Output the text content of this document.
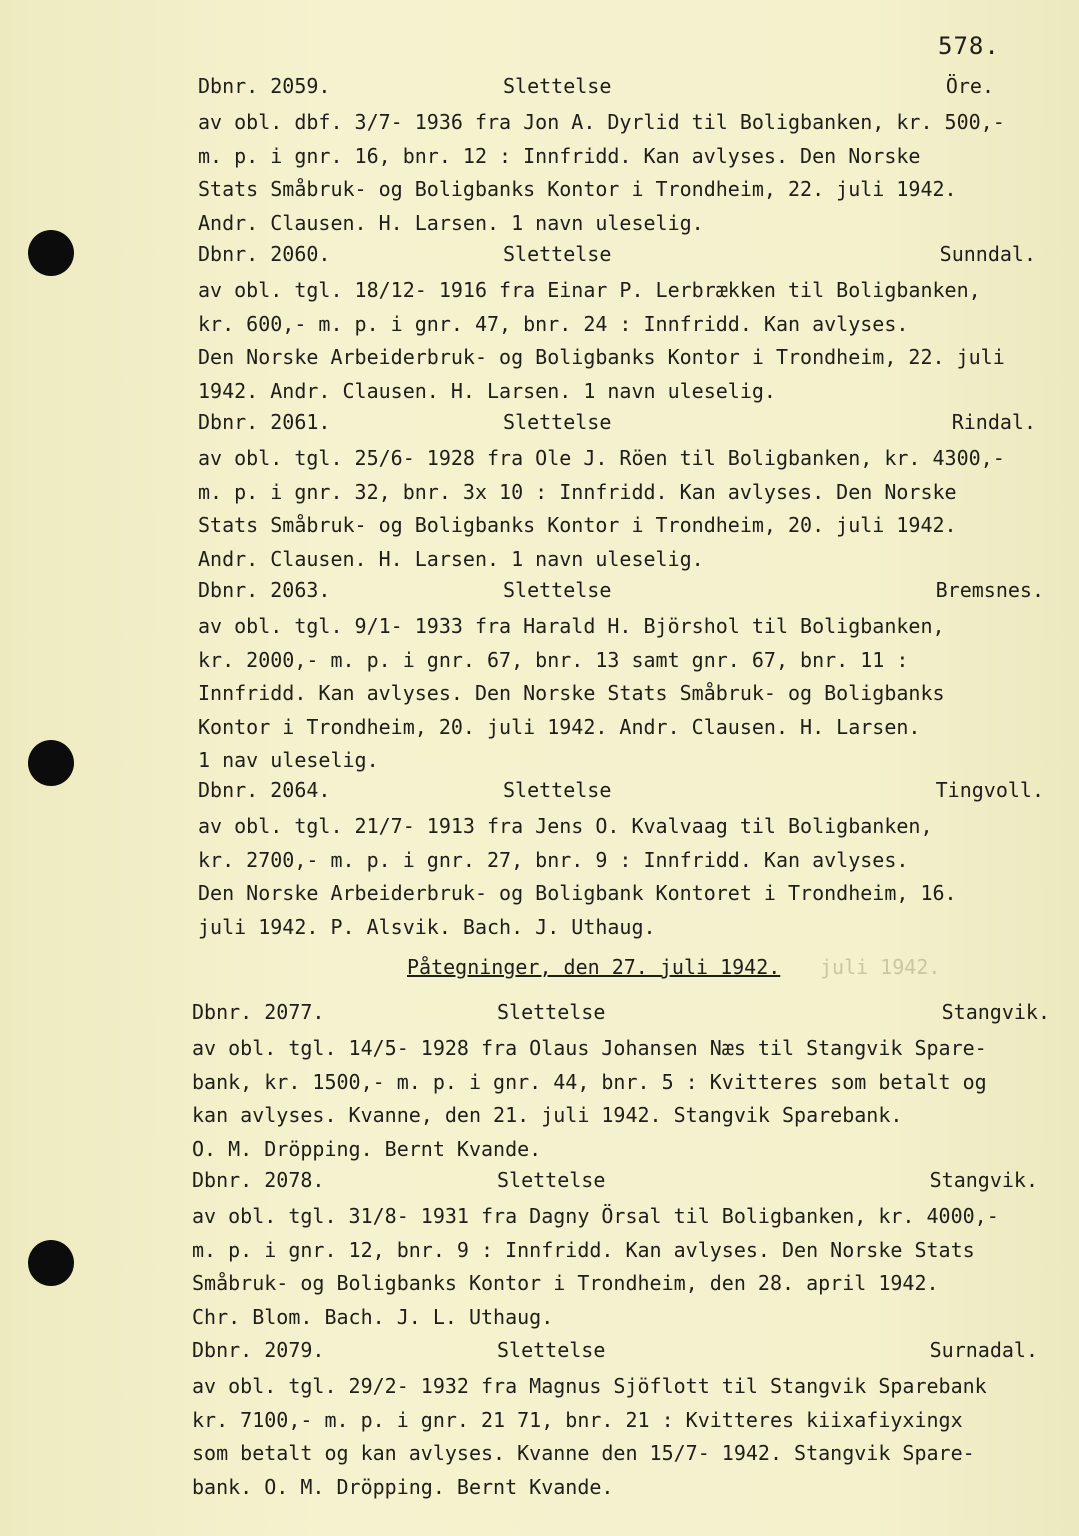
578.
Dbnr. 2059.	Slettelse	Öre.
av obl. dbf. 3/7- 1936 fra Jon A. Dyrlid til Boligbanken, kr. 500,-
m. p. i gnr. 16, bnr. 12 : Innfridd. Kan avlyses. Den Norske
Stats Småbruk- og Boligbanks Kontor i Trondheim, 22. juli 1942.
Andr. Clausen. H. Larsen. 1 navn uleselig.
Dbnr. 2060.	Slettelse	Sunndal.
av obl. tgl. 18/12- 1916 fra Einar P. Lerbrækken til Boligbanken,
kr. 600,- m. p. i gnr. 47, bnr. 24 : Innfridd. Kan avlyses.
Den Norske Arbeiderbruk- og Boligbanks Kontor i Trondheim, 22. juli
1942. Andr. Clausen. H. Larsen. 1 navn uleselig.
Dbnr. 2061.	Slettelse	Rindal.
av obl. tgl. 25/6- 1928 fra Ole J. Röen til Boligbanken, kr. 4300,-
m. p. i gnr. 32, bnr. 3x 10 : Innfridd. Kan avlyses. Den Norske
Stats Småbruk- og Boligbanks Kontor i Trondheim, 20. juli 1942.
Andr. Clausen. H. Larsen. 1 navn uleselig.
Dbnr. 2063.	Slettelse	Bremsnes.
av obl. tgl. 9/1- 1933 fra Harald H. Björshol til Boligbanken,
kr. 2000,- m. p. i gnr. 67, bnr. 13 samt gnr. 67, bnr. 11 :
Innfridd. Kan avlyses. Den Norske Stats Småbruk- og Boligbanks
Kontor i Trondheim, 20. juli 1942. Andr. Clausen. H. Larsen.
1 nav uleselig.
Dbnr. 2064.	Slettelse	Tingvoll.
av obl. tgl. 21/7- 1913 fra Jens O. Kvalvaag til Boligbanken,
kr. 2700,- m. p. i gnr. 27, bnr. 9 : Innfridd. Kan avlyses.
Den Norske Arbeiderbruk- og Boligbank Kontoret i Trondheim, 16.
juli 1942. P. Alsvik. Bach. J. Uthaug.
Påtegninger, den 27. juli 1942. juli 1942.
Dbnr. 2077.	Slettelse	Stangvik.
av obl. tgl. 14/5- 1928 fra Olaus Johansen Næs til Stangvik Spare-
bank, kr. 1500,- m. p. i gnr. 44, bnr. 5 : Kvitteres som betalt og
kan avlyses. Kvanne, den 21. juli 1942. Stangvik Sparebank.
O. M. Dröpping. Bernt Kvande.
Dbnr. 2078.	Slettelse	Stangvik.
av obl. tgl. 31/8- 1931 fra Dagny Örsal til Boligbanken, kr. 4000,-
m. p. i gnr. 12, bnr. 9 : Innfridd. Kan avlyses. Den Norske Stats
Småbruk- og Boligbanks Kontor i Trondheim, den 28. april 1942.
Chr. Blom. Bach. J. L. Uthaug.
Dbnr. 2079.	Slettelse	Surnadal.
av obl. tgl. 29/2- 1932 fra Magnus Sjöflott til Stangvik Sparebank
kr. 7100,- m. p. i gnr. 21 71, bnr. 21 : Kvitteres kiixafiyxingx
som betalt og kan avlyses. Kvanne den 15/7- 1942. Stangvik Spare-
bank. O. M. Dröpping. Bernt Kvande.
